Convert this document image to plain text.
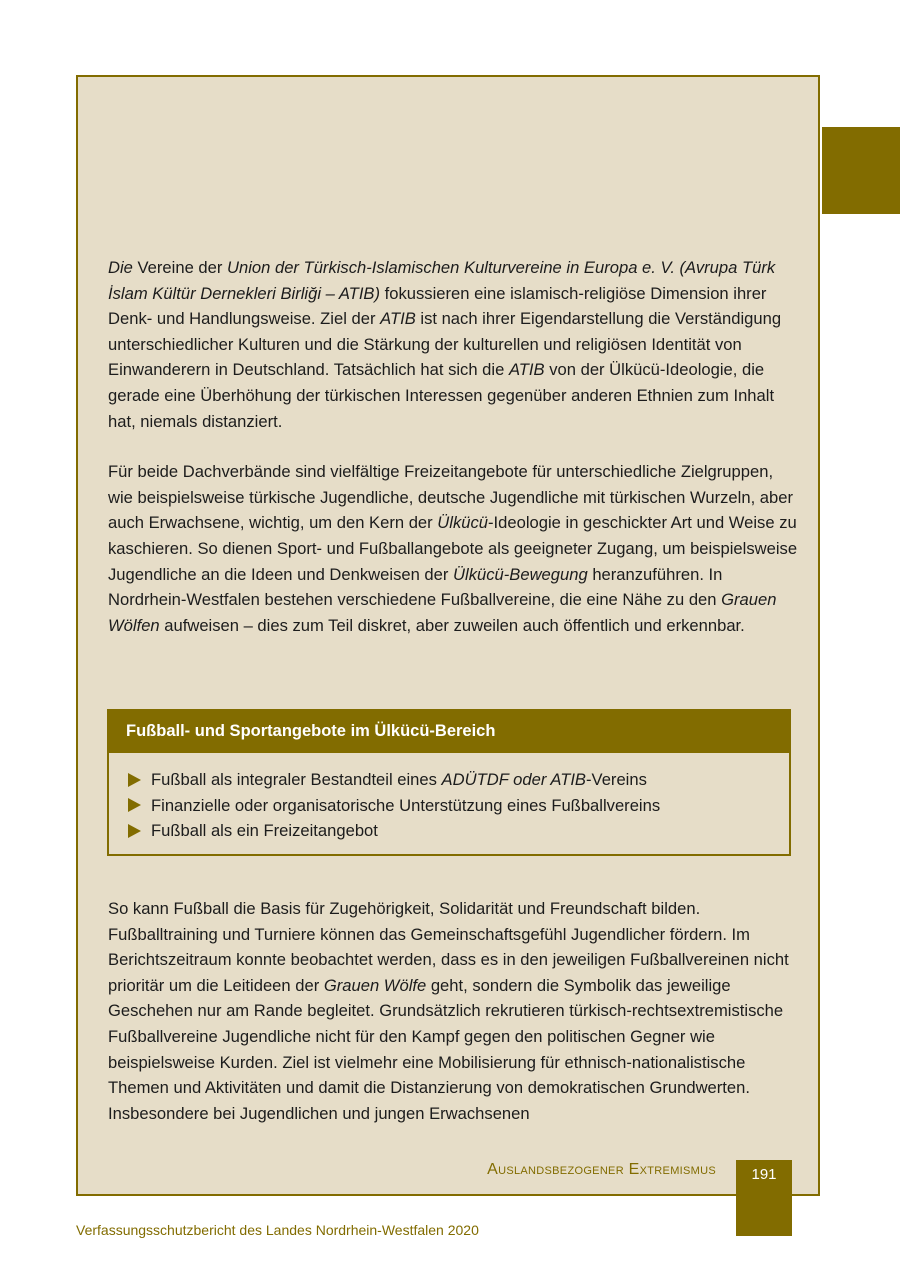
Die Vereine der Union der Türkisch-Islamischen Kulturvereine in Europa e. V. (Avrupa Türk İslam Kültür Dernekleri Birliği – ATIB) fokussieren eine islamisch-religiöse Dimension ihrer Denk- und Handlungsweise. Ziel der ATIB ist nach ihrer Eigendarstellung die Verständigung unterschiedlicher Kulturen und die Stärkung der kulturellen und religiösen Identität von Einwanderern in Deutschland. Tatsächlich hat sich die ATIB von der Ülkücü-Ideologie, die gerade eine Überhöhung der türkischen Interessen gegenüber anderen Ethnien zum Inhalt hat, niemals distanziert.

Für beide Dachverbände sind vielfältige Freizeitangebote für unterschiedliche Zielgruppen, wie beispielsweise türkische Jugendliche, deutsche Jugendliche mit türkischen Wurzeln, aber auch Erwachsene, wichtig, um den Kern der Ülkücü-Ideologie in geschickter Art und Weise zu kaschieren. So dienen Sport- und Fußballangebote als geeigneter Zugang, um beispielsweise Jugendliche an die Ideen und Denkweisen der Ülkücü-Bewegung heranzuführen. In Nordrhein-Westfalen bestehen verschiedene Fußballvereine, die eine Nähe zu den Grauen Wölfen aufweisen – dies zum Teil diskret, aber zuweilen auch öffentlich und erkennbar.

Fußball- und Sportangebote im Ülkücü-Bereich
Fußball als integraler Bestandteil eines ADÜTDF oder ATIB-Vereins
Finanzielle oder organisatorische Unterstützung eines Fußballvereins
Fußball als ein Freizeitangebot

So kann Fußball die Basis für Zugehörigkeit, Solidarität und Freundschaft bilden. Fußballtraining und Turniere können das Gemeinschaftsgefühl Jugendlicher fördern. Im Berichtszeitraum konnte beobachtet werden, dass es in den jeweiligen Fußballvereinen nicht prioritär um die Leitideen der Grauen Wölfe geht, sondern die Symbolik das jeweilige Geschehen nur am Rande begleitet. Grundsätzlich rekrutieren türkisch-rechtsextremistische Fußballvereine Jugendliche nicht für den Kampf gegen den politischen Gegner wie beispielsweise Kurden. Ziel ist vielmehr eine Mobilisierung für ethnisch-nationalistische Themen und Aktivitäten und damit die Distanzierung von demokratischen Grundwerten. Insbesondere bei Jugendlichen und jungen Erwachsenen

Auslandsbezogener Extremismus	191
Verfassungsschutzbericht des Landes Nordrhein-Westfalen 2020
